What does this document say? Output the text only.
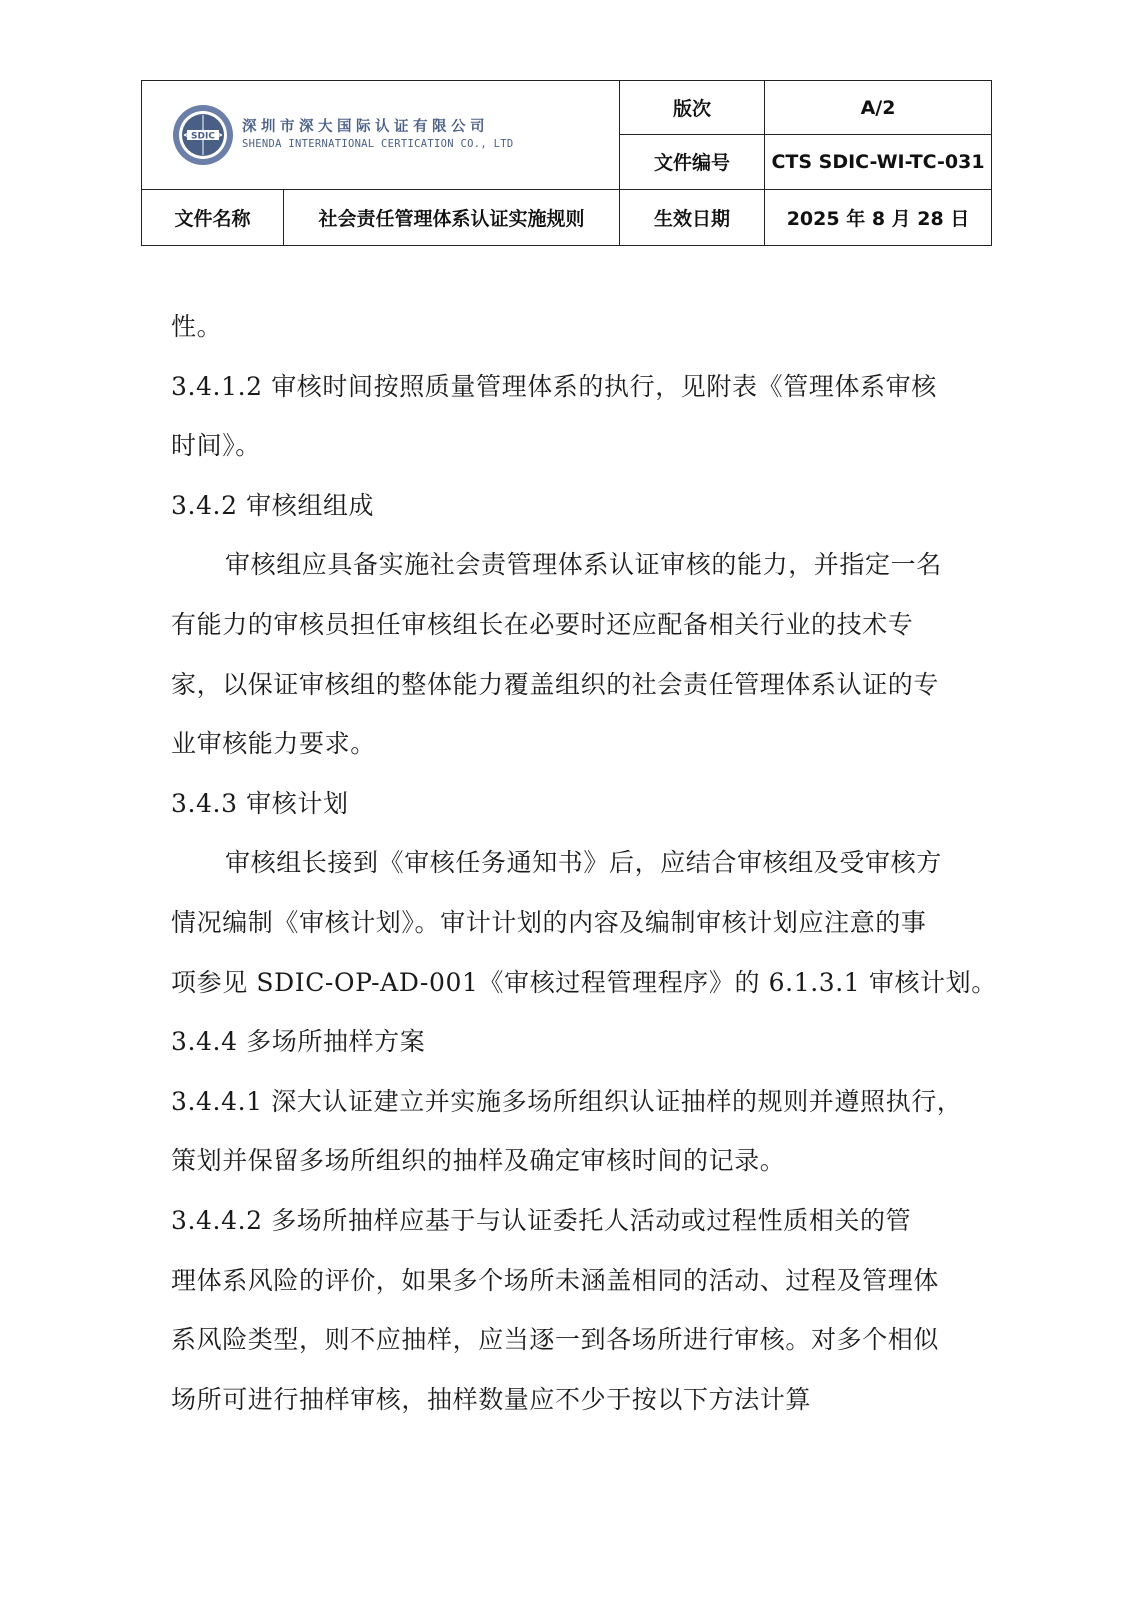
SDIC
深圳市深大国际认证有限公司
SHENDA INTERNATIONAL CERTICATION CO., LTD		版次	A/2
		文件编号	CTS SDIC-WI-TC-031
文件名称	社会责任管理体系认证实施规则	生效日期	2025 年 8 月 28 日

性。

3.4.1.2 审核时间按照质量管理体系的执行，见附表《管理体系审核

时间》。

3.4.2 审核组组成

审核组应具备实施社会责管理体系认证审核的能力，并指定一名

有能力的审核员担任审核组长在必要时还应配备相关行业的技术专

家，以保证审核组的整体能力覆盖组织的社会责任管理体系认证的专

业审核能力要求。

3.4.3 审核计划

审核组长接到《审核任务通知书》后，应结合审核组及受审核方

情况编制《审核计划》。审计计划的内容及编制审核计划应注意的事

项参见 SDIC-OP-AD-001《审核过程管理程序》的 6.1.3.1 审核计划。

3.4.4 多场所抽样方案

3.4.4.1 深大认证建立并实施多场所组织认证抽样的规则并遵照执行，

策划并保留多场所组织的抽样及确定审核时间的记录。

3.4.4.2 多场所抽样应基于与认证委托人活动或过程性质相关的管

理体系风险的评价，如果多个场所未涵盖相同的活动、过程及管理体

系风险类型，则不应抽样，应当逐一到各场所进行审核。对多个相似

场所可进行抽样审核，抽样数量应不少于按以下方法计算
